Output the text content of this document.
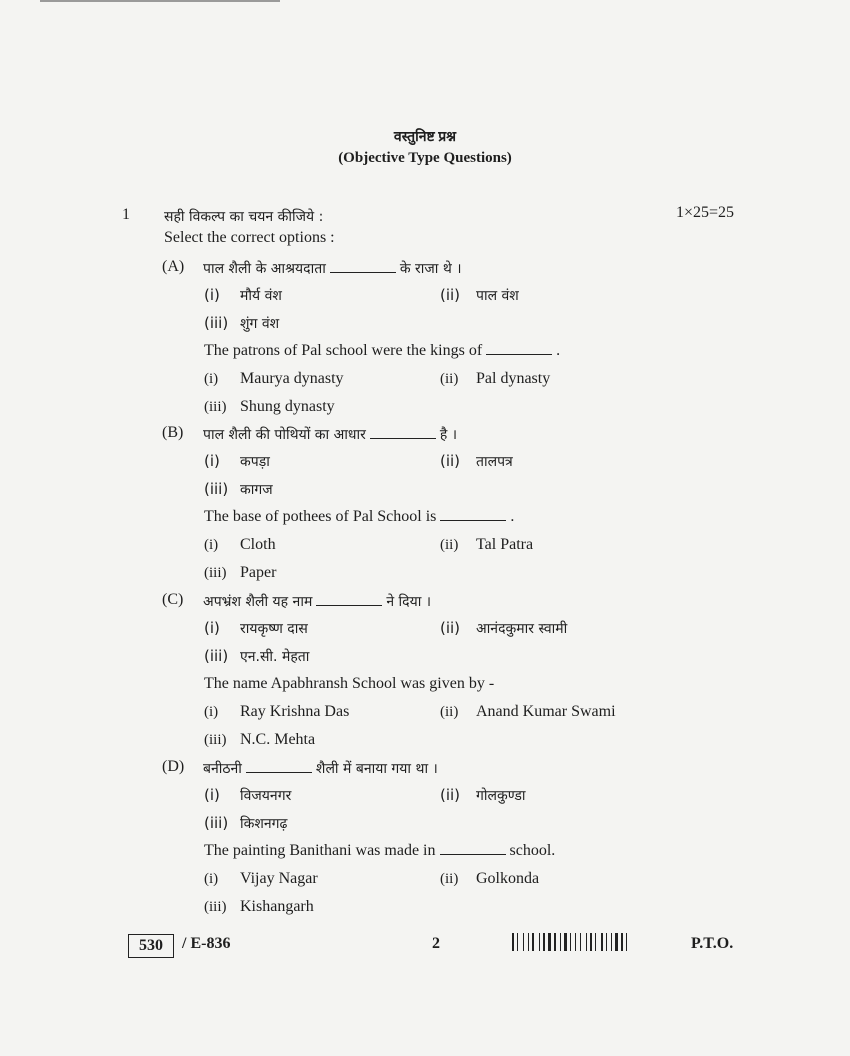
वस्तुनिष्ट प्रश्न
(Objective Type Questions)
1 सही विकल्प का चयन कीजिये :	1×25=25
Select the correct options :
(A) पाल शैली के आश्रयदाता	के राजा थे ।
(i) मौर्य वंश	(ii) पाल वंश
(iii) शुंग वंश
The patrons of Pal school were the kings of	.
(i) Maurya dynasty	(ii) Pal dynasty
(iii) Shung dynasty
(B) पाल शैली की पोथियों का आधार	है ।
(i) कपड़ा	(ii) तालपत्र
(iii) कागज
The base of pothees of Pal School is	.
(i) Cloth	(ii) Tal Patra
(iii) Paper
(C) अपभ्रंश शैली यह नाम	ने दिया ।
(i) रायकृष्ण दास	(ii) आनंदकुमार स्वामी
(iii) एन.सी. मेहता
The name Apabhransh School was given by -
(i) Ray Krishna Das	(ii) Anand Kumar Swami
(iii) N.C. Mehta
(D) बनीठनी	शैली में बनाया गया था ।
(i) विजयनगर	(ii) गोलकुण्डा
(iii) किशनगढ़
The painting Banithani was made in	school.
(i) Vijay Nagar	(ii) Golkonda
(iii) Kishangarh
530	/ E-836	2	P.T.O.
